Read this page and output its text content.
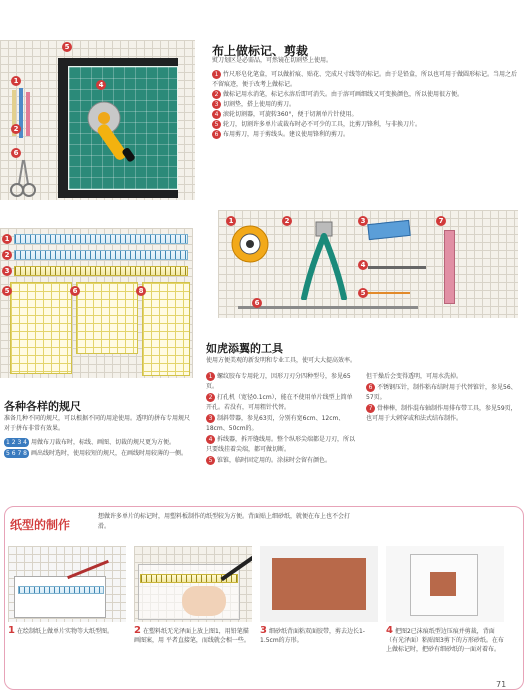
5
4
1
2
6
布上做标记、剪裁
熨刀划区是必需品，可然镜在切割垫上使用。
1 竹尺形皂化笔盒，可以做折痕、贴花、完成尺寸线等的标记。由于是铅盒，所以也可用于做圆形标记。当用之后不留痕迹，便于改考上做标记。
2 做标记用水消笔，标记水溶后即可消失。由于溶可画细线又可变换颜色，所以使用很方便。
3 切割垫，搭上使用的剪刀。
4 滚轮切割器，可旋转360°，便于切割单片针使用。
5 轮刀，切割许多单片或裁布时必不可少的工具，比剪刀锋利，与非换刀片。
6 布用剪刀，用于剪线头。建议使用锋利的剪刀。
1	2	3
4
5
7
6
1
2
3
5	6	8
各种各样的规尺
准备几种不同的规尺，可以根据不同的用途使用。透明的拼布专用规尺对于拼布非常有效果。
1 2 3 4 用做布刀裁布时，标线、画图、切裁的规尺更为方便。
5 6 7 8 画出线时选时，使用较短的规尺，在画线时用较薄的一侧。
如虎添翼的工具
使用方便美观的新发明和专业工具，使可大大提高效率。
1 螺纹胶布专用轮刀，因形刀刃分四种型号，参见65页。
2 打孔机（宽径0.1cm），能在不使用单片线型上简单开孔。若没有，可用粗针代替。
3 制斜带器，参见63页，分别有宽6cm、12cm、18cm、50cm的。
4 拆线器，拆开缝线用。整个纵形尖端都是刀刃，所以只要线挂着尖端，都可做切断。
5 锥锥，临时固定用的。涂抹时会留有颜色。
但干燥后会变得透明，可用水洗掉。
6 不锈钢压针，制作粘布结时用于代替锥针，参见56、57页。
7 骨棒棒，制作混布轴制作用排布带工具，参见59页，也可用于大刺穿或和法式结布制作。
纸型的制作
想做许多单片的标记时，用塑料板制作的纸型较为方便。背面贴上细砂纸，就便在布上也不会打滑。
1 在绘制纸上做单片实物等大纸型图。	2 在塑料纸无光泽面上放上图1，用铅笔描画图案，用 平者直接笔，而线就会相一些。
3 细砂纸背面粘双面胶带，剪去边长1-1.5cm的方形。
4 把图2已沫痕纸型边压痕并剪裁，背面（有光泽面）粘贴图3剪下的方形砂纸。在布上做标记时，把砂有细砂纸的一面对着布。
71
